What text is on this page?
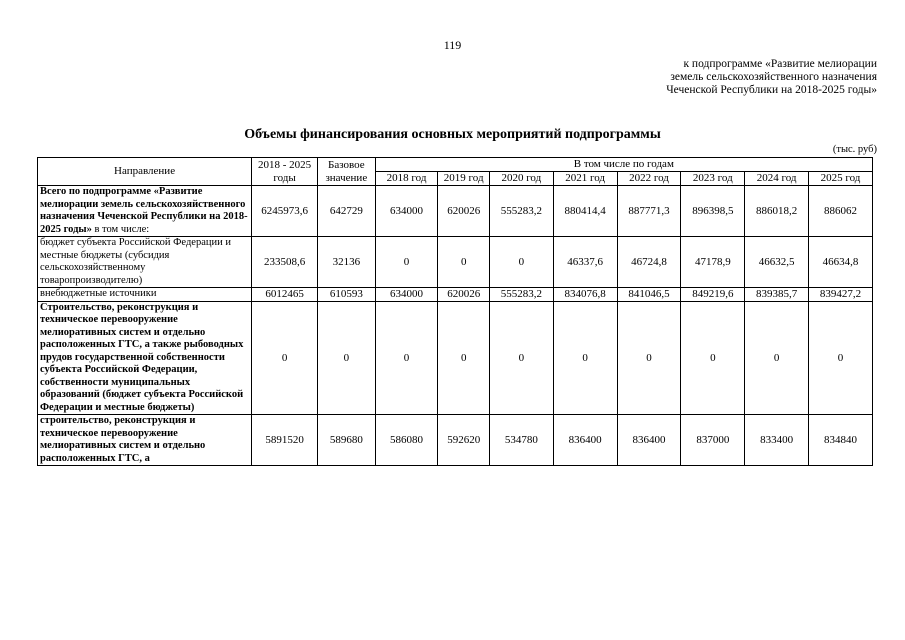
119
к подпрограмме «Развитие мелиорации
земель сельскохозяйственного назначения
Чеченской Республики на 2018-2025 годы»
Объемы финансирования основных мероприятий подпрограммы
(тыс. руб)
Направление	2018 - 2025 годы	Базовое значение	В том числе по годам							
			2018 год	2019 год	2020 год	2021 год	2022 год	2023 год	2024 год	2025 год
Всего по подпрограмме «Развитие мелиорации земель сельскохозяйственного назначения Чеченской Республики на 2018-2025 годы» в том числе:	6245973,6	642729	634000	620026	555283,2	880414,4	887771,3	896398,5	886018,2	886062
бюджет субъекта Российской Федерации и местные бюджеты (субсидия сельскохозяйственному товаропроизводителю)	233508,6	32136	0	0	0	46337,6	46724,8	47178,9	46632,5	46634,8
внебюджетные источники	6012465	610593	634000	620026	555283,2	834076,8	841046,5	849219,6	839385,7	839427,2
Строительство, реконструкция и техническое перевооружение мелиоративных систем и отдельно расположенных ГТС, а также рыбоводных прудов государственной собственности субъекта Российской Федерации, собственности муниципальных образований (бюджет субъекта Российской Федерации и местные бюджеты)	0	0	0	0	0	0	0	0	0	0
строительство, реконструкция и техническое перевооружение мелиоративных систем и отдельно расположенных ГТС, а	5891520	589680	586080	592620	534780	836400	836400	837000	833400	834840
